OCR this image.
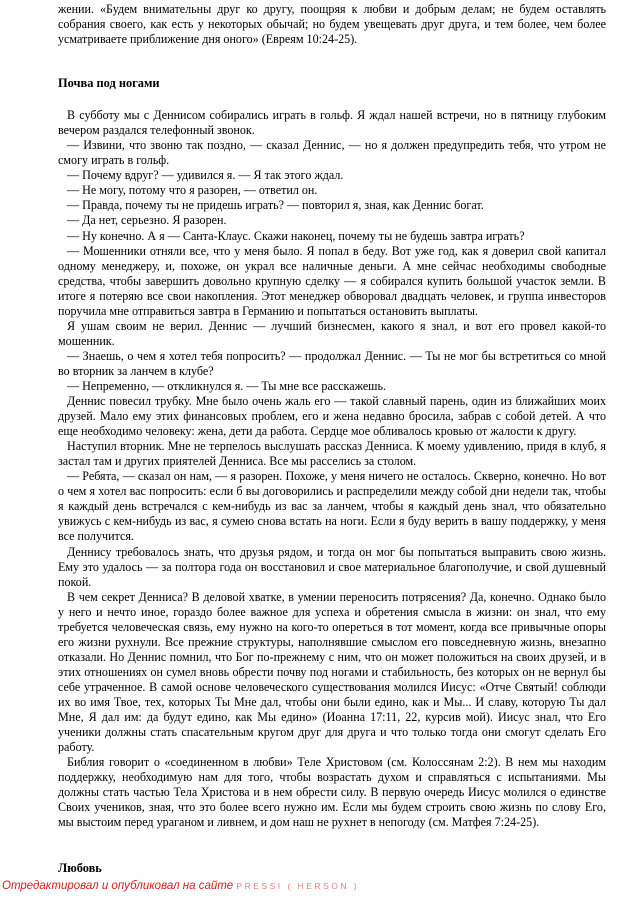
жении. «Будем внимательны друг ко другу, поощряя к любви и добрым делам; не будем оставлять собрания своего, как есть у некоторых обычай; но будем увещевать друг друга, и тем более, чем более усматриваете приближение дня оного» (Евреям 10:24-25).

Почва под ногами

В субботу мы с Деннисом собирались играть в гольф. Я ждал нашей встречи, но в пятницу глубоким вечером раздался телефонный звонок.

— Извини, что звоню так поздно, — сказал Деннис, — но я должен предупредить тебя, что утром не смогу играть в гольф.

— Почему вдруг? — удивился я. — Я так этого ждал.

— Не могу, потому что я разорен, — ответил он.

— Правда, почему ты не придешь играть? — повторил я, зная, как Деннис богат.

— Да нет, серьезно. Я разорен.

— Ну конечно. А я — Санта-Клаус. Скажи наконец, почему ты не будешь завтра играть?

— Мошенники отняли все, что у меня было. Я попал в беду. Вот уже год, как я доверил свой капитал одному менеджеру, и, похоже, он украл все наличные деньги. А мне сейчас необходимы свободные средства, чтобы завершить довольно крупную сделку — я собирался купить большой участок земли. В итоге я потеряю все свои накопления. Этот менеджер обворовал двадцать человек, и группа инвесторов поручила мне отправиться завтра в Германию и попытаться остановить выплаты.

Я ушам своим не верил. Деннис — лучший бизнесмен, какого я знал, и вот его провел какой-то мошенник.

— Знаешь, о чем я хотел тебя попросить? — продолжал Деннис. — Ты не мог бы встретиться со мной во вторник за ланчем в клубе?

— Непременно, — откликнулся я. — Ты мне все расскажешь.

Деннис повесил трубку. Мне было очень жаль его — такой славный парень, один из ближайших моих друзей. Мало ему этих финансовых проблем, его и жена недавно бросила, забрав с собой детей. А что еще необходимо человеку: жена, дети да работа. Сердце мое обливалось кровью от жалости к другу.

Наступил вторник. Мне не терпелось выслушать рассказ Денниса. К моему удивлению, придя в клуб, я застал там и других приятелей Денниса. Все мы расселись за столом.

— Ребята, — сказал он нам, — я разорен. Похоже, у меня ничего не осталось. Скверно, конечно. Но вот о чем я хотел вас попросить: если б вы договорились и распределили между собой дни недели так, чтобы я каждый день встречался с кем-нибудь из вас за ланчем, чтобы я каждый день знал, что обязательно увижусь с кем-нибудь из вас, я сумею снова встать на ноги. Если я буду верить в вашу поддержку, у меня все получится.

Деннису требовалось знать, что друзья рядом, и тогда он мог бы попытаться выправить свою жизнь. Ему это удалось — за полтора года он восстановил и свое материальное благополучие, и свой душевный покой.

В чем секрет Денниса? В деловой хватке, в умении переносить потрясения? Да, конечно. Однако было у него и нечто иное, гораздо более важное для успеха и обретения смысла в жизни: он знал, что ему требуется человеческая связь, ему нужно на кого-то опереться в тот момент, когда все привычные опоры его жизни рухнули. Все прежние структуры, наполнявшие смыслом его повседневную жизнь, внезапно отказали. Но Деннис помнил, что Бог по-прежнему с ним, что он может положиться на своих друзей, и в этих отношениях он сумел вновь обрести почву под ногами и стабильность, без которых он не вернул бы себе утраченное. В самой основе человеческого существования молился Иисус: «Отче Святый! соблюди их во имя Твое, тех, которых Ты Мне дал, чтобы они были едино, как и Мы... И славу, которую Ты дал Мне, Я дал им: да будут едино, как Мы едино» (Иоанна 17:11, 22, курсив мой). Иисус знал, что Его ученики должны стать спасательным кругом друг для друга и что только тогда они смогут сделать Его работу.

Библия говорит о «соединенном в любви» Теле Христовом (см. Колоссянам 2:2). В нем мы находим поддержку, необходимую нам для того, чтобы возрастать духом и справляться с испытаниями. Мы должны стать частью Тела Христова и в нем обрести силу. В первую очередь Иисус молился о единстве Своих учеников, зная, что это более всего нужно им. Если мы будем строить свою жизнь по слову Его, мы выстоим перед ураганом и ливнем, и дом наш не рухнет в непогоду (см. Матфея 7:24-25).

Любовь
Отредактировал и опубликовал на сайте PRESSI ( HERSON )
